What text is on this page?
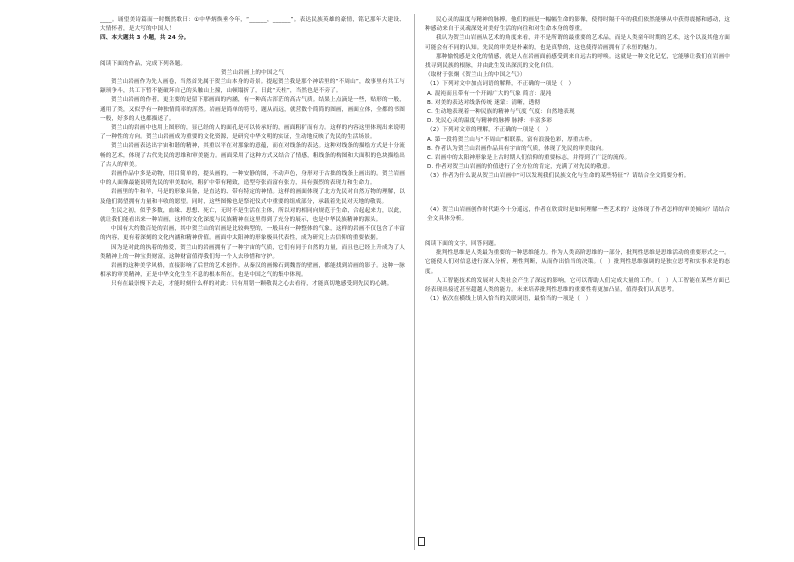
____。诵望美诗篇而一时慨然歌曰：①中华炳焕垂今年，“______，______”。表达民族英雄的豪情，铭记那年大建设、大情怀者，是大写的中国人！

四、本大题共 3 小题，共 24 分。

阅读下面的作品，完成下列各题。

贺兰山岩画上的中国之气

贺兰山岩画作为先人画卷，当然首先属于贺兰山本身的奇景。提起贺兰我是那个神话里的“不周山”，故事里有共工与颛顼争斗，共工下暂不能破坏自己的头触山上撞，山顿塌折了，日此“天柱”，当然也是不旁了。

贺兰山岩画的作者，更主要的是留下那画面的内涵，有一种高古浑茫的高古气质。结果上点滴是一些，贴形的一般，通用了类，又似乎有一种独情简率的浑然。岩画是简单的符号，题从而远，就营数个简简的图画，画面立体，全都的书图一般，好多的人也都描述了。

贺兰山的岩画中也用上图形的，显已经的人的面孔是可以传承好的，画面粗犷而有力。这样的内容这里体现出来说明了一种性的方向。贺兰山岩画成为重要的文化资源，是研究中华文明的实证，生动地反映了先民的生活场景。

贺兰山岩画表达出宇宙和谐的精神，其重以平在对那象的意蕴，而在对线条的表达。这种对线条的描绘方式是十分流畅的艺术，体现了古代先民的思维和审美能力。画面采用了这种方式又结合了情感，粗线条的构图和大面积的色块描绘出了古人的审美。

岩画作品中多是动物，用目简单的，提头画的，一种安静的图，不动声色，身形对于古拙的线条上画出的。贺兰岩画中的人面像最能说明先民的审美取向，粗犷中带有精致，造型夸张而富有张力，具有强烈的表现力和生命力。

岩画里的牛和羊，马是的形象具备，是直达的、带有特定的神情。这样的画面体现了北方先民对自然万物的理解，以及他们渴望拥有力量和丰收的愿望。同时，这些图像也是祭祀仪式中重要的组成部分，承载着先民对天地的敬畏。

生民之初，似乎多数，血缘、思想、死亡，无时不是生活在主体，所以对的相同向规范于生命，合起起来力，以此，就让我们能看出来一种岩画，这样的文化深度与民族精神在这里得到了充分的展示，也是中华民族精神的源头。

中国有大约数百处的岩画，其中贺兰山的岩画是比较典型的，一般具有一种整体的气象，这样的岩画不仅包含了丰富的内容，更有着深刻的文化内涵和精神价值。画面中太阳神的形象极具代表性，成为研究上古信仰的重要依据。

因为是对此的执着的热爱，贺兰山的岩画拥有了一种宇宙的气质，它们有同于自然的力量，而且也已经上升成为了人类精神上的一种宝贵财富，这种财富值得我们每一个人去珍惜和守护。

岩画的这种美学风格，直接影响了后世的艺术创作。从秦汉的画像石到魏晋的壁画，都能找到岩画的影子。这种一脉相承的审美精神，正是中华文化生生不息的根本所在，也是中国之气的集中体现。

只有在最崇慢下去走，才能时刻什么样的对此：只有用错一颗敬畏之心去看待，才能真切地感受到先民的心跳。

民心灵的温度与精神的脉搏。他们的画是一幅幅生命的影像，使得时隔千年的我们依然能够从中获得震撼和感动，这种感动来自于灵魂深处对美好生活的向往和对生命本身的尊重。

我认为贺兰山岩画从艺术的角度来看，并不是所谓的最重要的艺术品，而是人类童年时期的艺术，这个以及其他方面可能会有不同的认知。先民的审美是朴素的，也是真挚的，这也使得岩画拥有了永恒的魅力。

那种愉悦感是文化的情感，就是人在岩画面前感受到来自远古的呼唤。这就是一种文化记忆，它能够让我们在岩画中找寻到民族的根脉，并由此生发出深沉的文化自信。

（取材于张炯《贺兰山上的中国之气》）

（1）下列对文中加点词语的解释，不正确的一项是（　）

A. 混沌而且带有一个开阔广大的气象 简言：混沌

B. 对美的表达对线条传统 迷蒙：清晰，透彻

C. 生动地表现着一种民族的精神与气度 气度：自然地表现

D. 先民心灵的温度与精神的脉搏 脉搏：丰富多彩

（2）下列对文章的理解，不正确的一项是（　）

A. 第一段将贺兰山与“不周山”相联系，富有浪漫色彩，厚重古朴。

B. 作者认为贺兰山岩画作品具有宇宙的气质，体现了先民的审美取向。

C. 岩画中的太阳神形象是上古时期人们信仰的重要标志，并得到了广泛的流传。

D. 作者对贺兰山岩画的价值进行了全方位的肯定，充满了对先民的敬意。

（3）作者为什么说从贺兰山岩画中“可以发现我们民族文化与生命的某些特征”？请结合全文简要分析。

（4）贺兰山岩画创作时代距今十分遥远，作者在欣赏时是如何理解一些艺术的？这体现了作者怎样的审美倾向？请结合全文具体分析。

阅读下面的文字，回答问题。

批判性思维是人类最为重要的一种思维能力。作为人类高阶思维的一部分，批判性思维是思维活动的重要形式之一。它能使人们对信息进行深入分析，理性判断，从而作出恰当的决策。（　）批判性思维强调的是独立思考和实事求是的态度。

人工智能技术的发展对人类社会产生了深远的影响，它可以帮助人们完成大量的工作。（　）人工智能在某些方面已经表现出接近甚至超越人类的能力。未来培养批判性思维的重要性将更加凸显，值得我们认真思考。

（1）依次在横线上填入恰当的关联词语，最恰当的一项是（　）
